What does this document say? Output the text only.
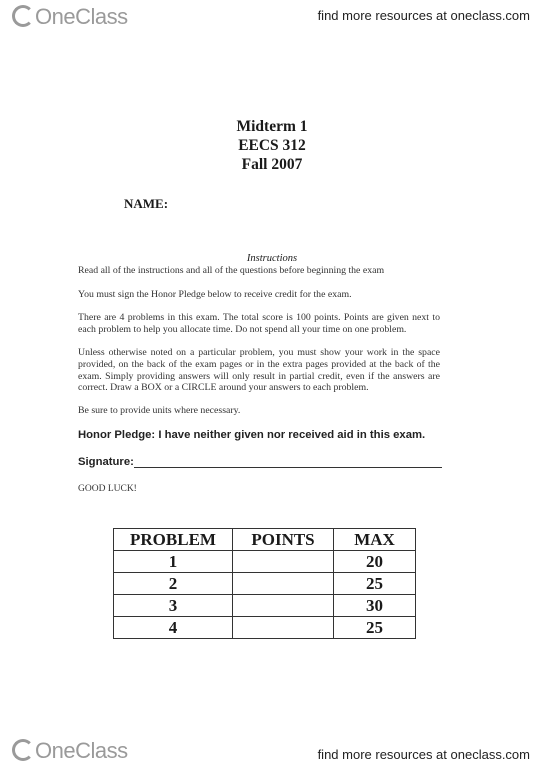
OneClass	find more resources at oneclass.com
Midterm 1
EECS 312
Fall 2007
NAME:
Instructions
Read all of the instructions and all of the questions before beginning the exam
You must sign the Honor Pledge below to receive credit for the exam.
There are 4 problems in this exam. The total score is 100 points. Points are given next to each problem to help you allocate time. Do not spend all your time on one problem.
Unless otherwise noted on a particular problem, you must show your work in the space provided, on the back of the exam pages or in the extra pages provided at the back of the exam. Simply providing answers will only result in partial credit, even if the answers are correct. Draw a BOX or a CIRCLE around your answers to each problem.
Be sure to provide units where necessary.
Honor Pledge: I have neither given nor received aid in this exam.
Signature:
GOOD LUCK!
PROBLEM	POINTS	MAX
1		20
2		25
3		30
4		25
OneClass	find more resources at oneclass.com
